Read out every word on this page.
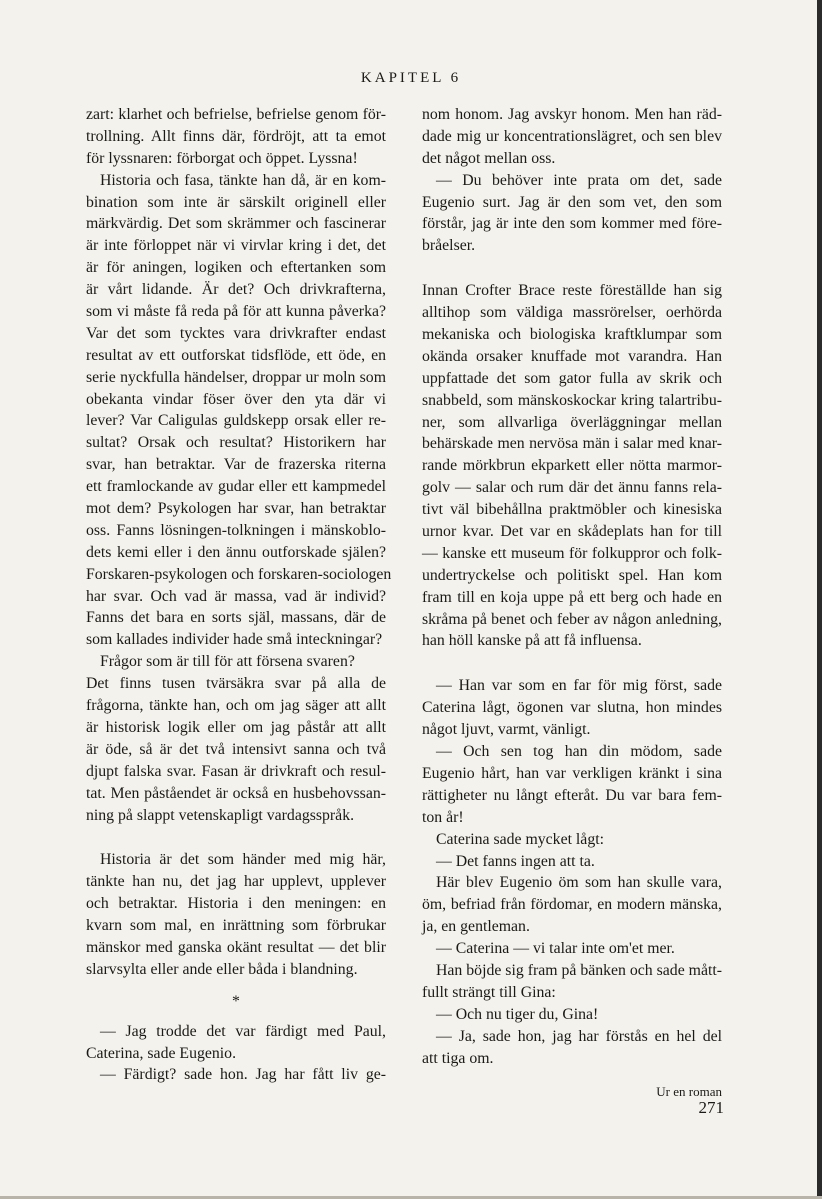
KAPITEL 6
zart: klarhet och befrielse, befrielse genom för-
trollning. Allt finns där, fördröjt, att ta emot
för lyssnaren: förborgat och öppet. Lyssna!
Historia och fasa, tänkte han då, är en kom-
bination som inte är särskilt originell eller
märkvärdig. Det som skrämmer och fascinerar
är inte förloppet när vi virvlar kring i det, det
är för aningen, logiken och eftertanken som
är vårt lidande. Är det? Och drivkrafterna,
som vi måste få reda på för att kunna påverka?
Var det som tycktes vara drivkrafter endast
resultat av ett outforskat tidsflöde, ett öde, en
serie nyckfulla händelser, droppar ur moln som
obekanta vindar föser över den yta där vi
lever? Var Caligulas guldskepp orsak eller re-
sultat? Orsak och resultat? Historikern har
svar, han betraktar. Var de frazerska riterna
ett framlockande av gudar eller ett kampmedel
mot dem? Psykologen har svar, han betraktar
oss. Fanns lösningen-tolkningen i mänskoblo-
dets kemi eller i den ännu outforskade själen?
Forskaren-psykologen och forskaren-sociologen
har svar. Och vad är massa, vad är individ?
Fanns det bara en sorts själ, massans, där de
som kallades individer hade små inteckningar?
Frågor som är till för att försena svaren?
Det finns tusen tvärsäkra svar på alla de
frågorna, tänkte han, och om jag säger att allt
är historisk logik eller om jag påstår att allt
är öde, så är det två intensivt sanna och två
djupt falska svar. Fasan är drivkraft och resul-
tat. Men påståendet är också en husbehovssan-
ning på slappt vetenskapligt vardagsspråk.
Historia är det som händer med mig här,
tänkte han nu, det jag har upplevt, upplever
och betraktar. Historia i den meningen: en
kvarn som mal, en inrättning som förbrukar
mänskor med ganska okänt resultat — det blir
slarvsylta eller ande eller båda i blandning.
*
— Jag trodde det var färdigt med Paul,
Caterina, sade Eugenio.
— Färdigt? sade hon. Jag har fått liv ge-
nom honom. Jag avskyr honom. Men han räd-
dade mig ur koncentrationslägret, och sen blev
det något mellan oss.
— Du behöver inte prata om det, sade
Eugenio surt. Jag är den som vet, den som
förstår, jag är inte den som kommer med före-
bråelser.
Innan Crofter Brace reste föreställde han sig
alltihop som väldiga massrörelser, oerhörda
mekaniska och biologiska kraftklumpar som
okända orsaker knuffade mot varandra. Han
uppfattade det som gator fulla av skrik och
snabbeld, som mänskoskockar kring talartribu-
ner, som allvarliga överläggningar mellan
behärskade men nervösa män i salar med knar-
rande mörkbrun ekparkett eller nötta marmor-
golv — salar och rum där det ännu fanns rela-
tivt väl bibehållna praktmöbler och kinesiska
urnor kvar. Det var en skådeplats han for till
— kanske ett museum för folkuppror och folk-
undertryckelse och politiskt spel. Han kom
fram till en koja uppe på ett berg och hade en
skråma på benet och feber av någon anledning,
han höll kanske på att få influensa.
— Han var som en far för mig först, sade
Caterina lågt, ögonen var slutna, hon mindes
något ljuvt, varmt, vänligt.
— Och sen tog han din mödom, sade
Eugenio hårt, han var verkligen kränkt i sina
rättigheter nu långt efteråt. Du var bara fem-
ton år!
Caterina sade mycket lågt:
— Det fanns ingen att ta.
Här blev Eugenio öm som han skulle vara,
öm, befriad från fördomar, en modern mänska,
ja, en gentleman.
— Caterina — vi talar inte om'et mer.
Han böjde sig fram på bänken och sade mått-
fullt strängt till Gina:
— Och nu tiger du, Gina!
— Ja, sade hon, jag har förstås en hel del
att tiga om.
Ur en roman
271
